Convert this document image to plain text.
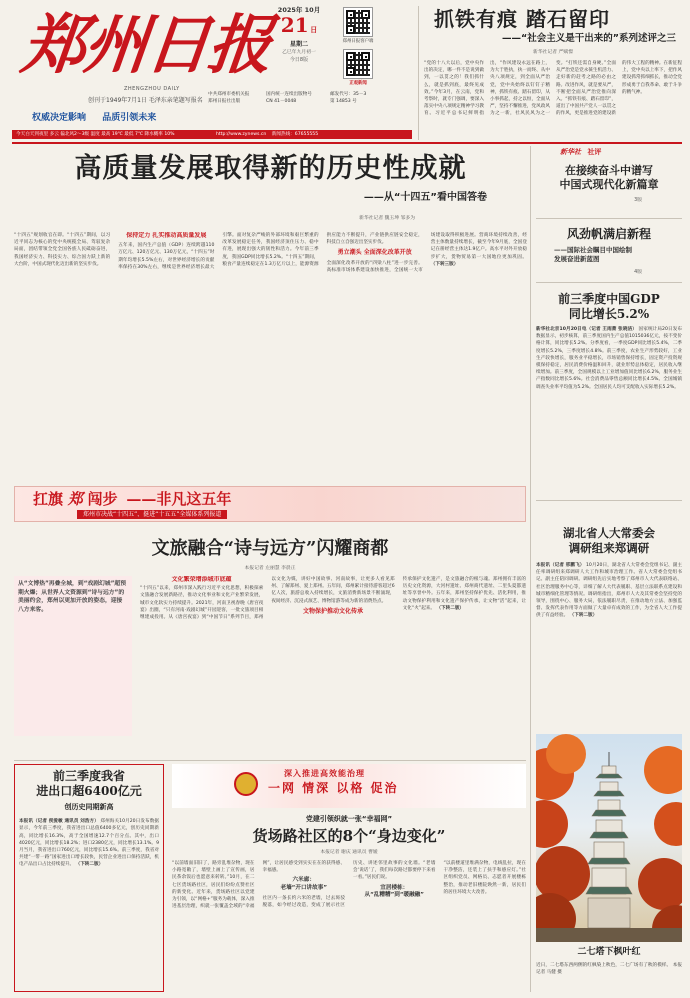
郑州日报
ZHENGZHOU DAILY
创刊于1949年7月1日 毛泽东亲笔题写报名
2025年 10月
21 日
星期二
乙巳年九月初一
今日8版
郑州日报客户端
正观新闻
中共郑州市委机关报
郑州日报社出版
国内统一连续出版物号
CN 41－0048
邮发代号：35－3
第 14853 号
权威决定影响 品质引领未来
今天白天到夜里 多云 偏北风2～3级 温度 最高 19℃ 最低 7℃ 降水概率 10%	http://www.zynews.cn 新闻热线：67655555
抓铁有痕 踏石留印
——“社会主义是干出来的”系列述评之三
新华社记者 严赋憬
“党的十八大以后，党中央作出的决定，哪一件不是说到做到，一以贯之的！我们抓什么，就是抓到底，最终见成效。”今年3月，在云南，党和考察时，就专门强调，要深入落实中央八项规定精神学习教育。习近平总书记鲜明指出，“作风建设永远在路上，为大于胜执，执一而终、从中央八项规定，到全面从严治党，党中央始终以钉钉子精神，抓铁有痕、踏石留印，从小事抓起，持之以恒，全面从严，坚持不懈推进，党风政风为之一新，社风民风为之一变。“打铁还需自身硬。”全面从严治党是党永葆生机活力、走好新的赶考之路的必由之路。改进作风，就是要从严，不断把全面从严治党推向深入。“抓铁有痕、踏石留印”，道出了中国共产党人一以贯之的作风，更是推进党的建设新的伟大工程的精神。在新征程上，党中央以上率下，把作风建设抓常抓细抓长，推动全党形成勇于自我革命、敢于斗争的精气神。
高质量发展取得新的历史性成就
——从“十四五”看中国答卷
新华社记者 魏玉坤 邹多为
“十四五”规划收官在即。“十四五”期间，以习近平同志为核心的党中央统揽全局、驾驭复杂局面，团结带领全党全国各族人民砥砺奋进，我国经济实力、科技实力、综合国力跃上新的大台阶，中国式现代化迈出新的坚实步伐。
保持定力 扎实推动高质量发展
五年来，国内生产总值（GDP）连续跨越110万亿元、120万亿元、130万亿元，“十四五”时期年均增长5.5%左右，对世界经济增长的贡献率保持在30%左右，继续是世界经济增长最大引擎。面对复杂严峻的外部环境和艰巨繁重的改革发展稳定任务，我国经济顶住压力、稳中有进，展现出强大的韧性和活力。今年前三季度，我国GDP同比增长5.2%。“十四五”期间，粮食产量连续稳定在1.3万亿斤以上，能源资源供应能力不断提升，产业链供应链安全稳定，科技自立自强迈出坚实步伐。
勇立潮头 全面深化改革开放
全面深化改革开放的“四梁八柱”进一步完善。高标准市场体系建设加快推进，全国统一大市场建设取得积极进展。营商环境持续改善，经营主体数量持续增长，截至今年9月底，全国登记在册经营主体达1.9亿户。高水平对外开放稳步扩大，货物贸易第一大国地位更加巩固。 （下转三版）
新华社 社评
在接续奋斗中谱写
中国式现代化新篇章
3版
风劲帆满启新程
——国际社会瞩目中国绘制
发展奋进新蓝图
4版
前三季度中国GDP
同比增长5.2%
新华社北京10月20日电（记者 王雨萧 张晓洁） 国家统计局20日发布数据显示，初步核算，前三季度国内生产总值1015036亿元，按不变价格计算，同比增长5.2%。分季度看，一季度GDP同比增长5.4%，二季度增长5.2%，三季度增长4.8%。前三季度，农业生产形势较好，工业生产较快增长，服务业平稳增长，市场销售保持增长，固定资产投资规模保持稳定，居民消费价格温和回升，就业形势总体稳定，居民收入继续增加。前三季度，全国规模以上工业增加值同比增长6.2%，服务业生产指数同比增长5.6%。社会消费品零售总额同比增长4.5%。全国城镇调查失业率平均值为5.2%。全国居民人均可支配收入实际增长5.2%。
湖北省人大常委会
调研组来郑调研
本报讯（记者 邢鹏飞） 10月20日，湖北省人大常委会党组书记、副主任率调研组来郑调研人大工作和城市治理工作。省人大常委会党组书记、副主任陪同调研。调研组先后实地考察了郑州市人大代表联络站、社区治理服务中心等，详细了解人大代表履职、基层立法联系点建设和城市精细化管理等情况。调研组指出，郑州市人大及其常委会坚持党的领导，围绕中心、服务大局，依法履职尽责，在推动地方立法、加强监督、发挥代表作用等方面做了大量卓有成效的工作，为全省人大工作提供了有益经验。 （下转二版）
二七塔下枫叶红
近日，二七塔东西两侧的红枫染上秋色，二七广场有了秋的模样。 本报记者 马健 摄
扛旗 郑 闯步 ——非凡这五年
郑州市决战“十四五”、挺进“十五五”全媒体系列报道
文旅融合“诗与远方”闪耀商都
本报记者 左丽慧 李晨正
从“文博热”再叠全城，到“戏剧幻城”超预期火爆；从世界人文资源到“诗与远方”的美丽约会，郑州以更加开放的姿态，迎接八方来客。
文化繁荣增添城市底蕴
“十四五”以来，郑州市深入践行习近平文化思想，积极探索文旅融合发展新路径，推动文化事业和文化产业繁荣发展，城市文化软实力持续提升。2021年，河南卫视春晚《唐宫夜宴》出圈，“只有河南·戏剧幻城”开园迎客，一批文旅项目相继建成投用。从《唐宫夜宴》到“中国节日”系列节目，郑州以文化为媒，讲好中国故事、河南故事，让更多人看见郑州、了解郑州、爱上郑州。五年间，郑州累计接待游客超过6亿人次，旅游总收入持续增长，文旅消费新场景不断涌现，夜间经济、沉浸式演艺、博物馆游等成为新的消费热点。
文物保护推动文化传承
传承保护文化遗产，是文旅融合的根与魂。郑州拥有丰富的历史文化资源，大河村遗址、郑州商代遗址、二里头夏都遗址等享誉中外。五年来，郑州坚持保护优先、活化利用，推动文物保护利用和文化遗产保护传承，让文物“活”起来，让文化“火”起来。 （下转二版）
前三季度我省
进出口超6400亿元
创历史同期新高
本报讯（记者 侯爱敏 通讯员 刘浩方） 郑州海关10月20日发布数据显示，今年前三季度，我省进出口总值6400多亿元，创历史同期新高，同比增长16.3%，高于全国增速12.7个百分点。其中，出口4020亿元，同比增长18.2%；进口2380亿元，同比增长13.1%。9月当月，我省进出口760亿元，同比增长15.6%。前三季度，我省对共建“一带一路”国家进出口增长较快，民营企业进出口保持活跃，机电产品出口占比持续提升。 （下转二版）
深入推进高效能治理
一网 情深 以格 促治
党建引领织就一张“幸福网”
货场路社区的8个“身边变化”
本报记者 谢庆 通讯员 曹媛
“以前墙面旧旧了，路旁乱堆杂物，现在小路宽敞了，墙壁上画上了宣传画，居民茶余饭后也愿意来转转。”10月，在二七区货场路社区，居民们纷纷点赞社区的新变化。近年来，货场路社区以党建为引领，以“网格+”服务为载体，深入推进基层治理，织就一张覆盖全域的“幸福网”，让居民感受到实实在在的获得感、幸福感。
六米廊：
老墙“开口讲故事”
社区内一条长约六米的老墙，过去斑驳脱落，如今经过改造，变成了展示社区历史、讲述邻里故事的文化墙。“老墙会‘说话’了，我们每次路过都要停下来看一看。”居民们说。
宜居楼栋：
从“乱糟糟”到“暖融融”
“以前楼道里堆满杂物，电线乱拉，现在干净整洁，还装上了扶手和感应灯。”社区组织党员、网格员、志愿者开展楼栋整治，推动老旧楼院焕然一新，居民们的居住环境大大改善。
